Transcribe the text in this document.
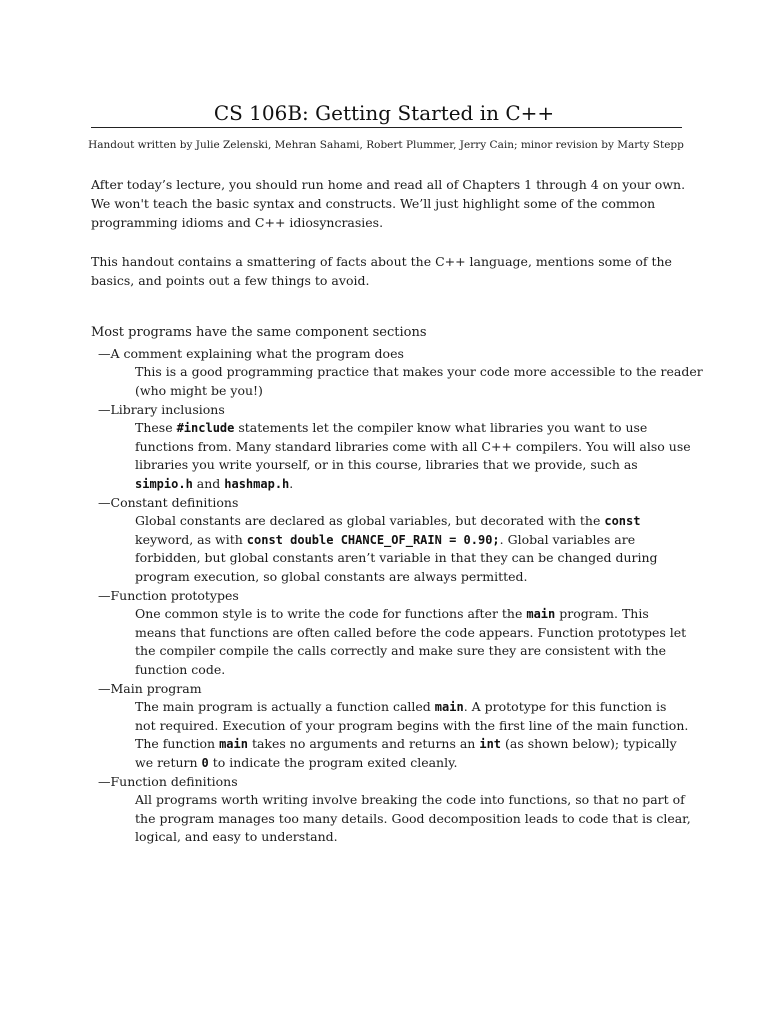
CS 106B: Getting Started in C++
Handout written by Julie Zelenski, Mehran Sahami, Robert Plummer, Jerry Cain; minor revision by Marty Stepp

After today’s lecture, you should run home and read all of Chapters 1 through 4 on your own.
We won't teach the basic syntax and constructs. We’ll just highlight some of the common
programming idioms and C++ idiosyncrasies.

This handout contains a smattering of facts about the C++ language, mentions some of the
basics, and points out a few things to avoid.

Most programs have the same component sections
—A comment explaining what the program does
This is a good programming practice that makes your code more accessible to the reader
(who might be you!)
—Library inclusions
These #include statements let the compiler know what libraries you want to use
functions from. Many standard libraries come with all C++ compilers. You will also use
libraries you write yourself, or in this course, libraries that we provide, such as
simpio.h and hashmap.h.
—Constant definitions
Global constants are declared as global variables, but decorated with the const
keyword, as with const double CHANCE_OF_RAIN = 0.90;. Global variables are
forbidden, but global constants aren’t variable in that they can be changed during
program execution, so global constants are always permitted.
—Function prototypes
One common style is to write the code for functions after the main program. This
means that functions are often called before the code appears. Function prototypes let
the compiler compile the calls correctly and make sure they are consistent with the
function code.
—Main program
The main program is actually a function called main. A prototype for this function is
not required. Execution of your program begins with the first line of the main function.
The function main takes no arguments and returns an int (as shown below); typically
we return 0 to indicate the program exited cleanly.
—Function definitions
All programs worth writing involve breaking the code into functions, so that no part of
the program manages too many details. Good decomposition leads to code that is clear,
logical, and easy to understand.
